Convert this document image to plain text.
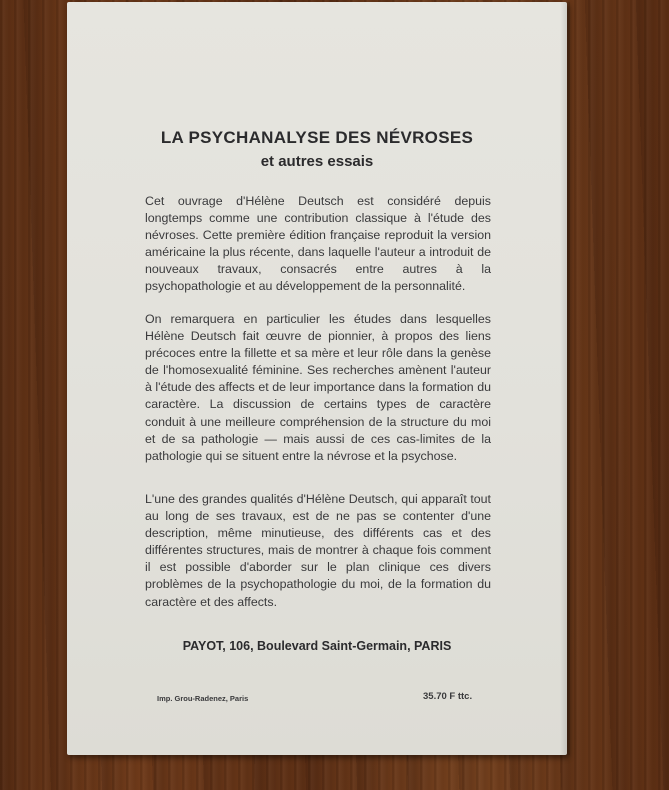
LA PSYCHANALYSE DES NÉVROSES
et autres essais
Cet ouvrage d'Hélène Deutsch est considéré depuis longtemps comme une contribution classique à l'étude des névroses. Cette première édition française reproduit la version américaine la plus récente, dans laquelle l'auteur a introduit de nouveaux travaux, consacrés entre autres à la psychopathologie et au développement de la personnalité.
On remarquera en particulier les études dans lesquelles Hélène Deutsch fait œuvre de pionnier, à propos des liens précoces entre la fillette et sa mère et leur rôle dans la genèse de l'homosexualité féminine. Ses recherches amènent l'auteur à l'étude des affects et de leur importance dans la formation du caractère. La discussion de certains types de caractère conduit à une meilleure compréhension de la structure du moi et de sa pathologie — mais aussi de ces cas-limites de la pathologie qui se situent entre la névrose et la psychose.
L'une des grandes qualités d'Hélène Deutsch, qui apparaît tout au long de ses travaux, est de ne pas se contenter d'une description, même minutieuse, des différents cas et des différentes structures, mais de montrer à chaque fois comment il est possible d'aborder sur le plan clinique ces divers problèmes de la psychopathologie du moi, de la formation du caractère et des affects.
PAYOT, 106, Boulevard Saint-Germain, PARIS
Imp. Grou-Radenez, Paris	35.70 F ttc.
